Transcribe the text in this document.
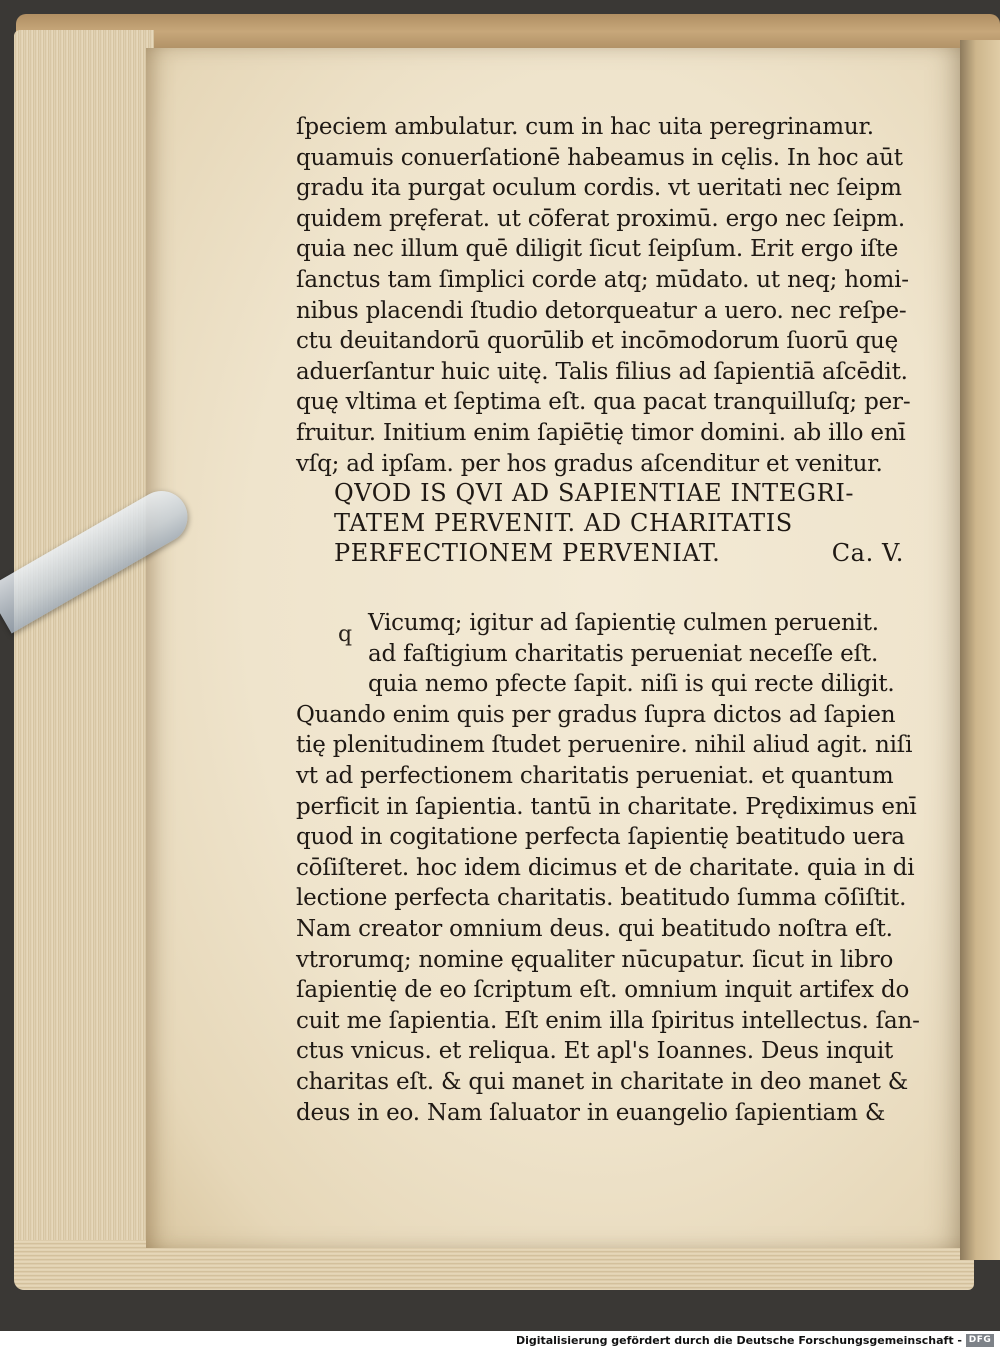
ſpeciem ambulatur. cum in hac uita peregrinamur.
quamuis conuerſationē habeamus in cęlis. In hoc aūt
gradu ita purgat oculum cordis. vt ueritati nec ſeipm
quidem pręferat. ut cōferat proximū. ergo nec ſeipm.
quia nec illum quē diligit ſicut ſeipſum. Erit ergo iſte
ſanctus tam ſimplici corde atq; mūdato. ut neq; homi-
nibus placendi ſtudio detorqueatur a uero. nec reſpe-
ctu deuitandorū quorūlib et incōmodorum ſuorū quę
aduerſantur huic uitę. Talis filius ad ſapientiā aſcēdit.
quę vltima et ſeptima eſt. qua pacat tranquilluſq; per-
fruitur. Initium enim ſapiētię timor domini. ab illo enī
vſq; ad ipſam. per hos gradus aſcenditur et venitur.
QVOD IS QVI AD SAPIENTIAE INTEGRI-
TATEM PERVENIT. AD CHARITATIS
PERFECTIONEM PERVENIAT.	Ca. V.
q Vicumq; igitur ad ſapientię culmen peruenit.
ad faſtigium charitatis perueniat neceſſe eſt.
quia nemo pfecte ſapit. niſi is qui recte diligit.
Quando enim quis per gradus ſupra dictos ad ſapien
tię plenitudinem ſtudet peruenire. nihil aliud agit. niſi
vt ad perfectionem charitatis perueniat. et quantum
perficit in ſapientia. tantū in charitate. Prędiximus enī
quod in cogitatione perfecta ſapientię beatitudo uera
cōſiſteret. hoc idem dicimus et de charitate. quia in di
lectione perfecta charitatis. beatitudo ſumma cōſiſtit.
Nam creator omnium deus. qui beatitudo noſtra eſt.
vtrorumq; nomine ęqualiter nūcupatur. ſicut in libro
ſapientię de eo ſcriptum eſt. omnium inquit artifex do
cuit me ſapientia. Eſt enim illa ſpiritus intellectus. ſan-
ctus vnicus. et reliqua. Et apl's Ioannes. Deus inquit
charitas eſt. & qui manet in charitate in deo manet &
deus in eo. Nam ſaluator in euangelio ſapientiam &
Digitalisierung gefördert durch die Deutsche Forschungsgemeinschaft - DFG
